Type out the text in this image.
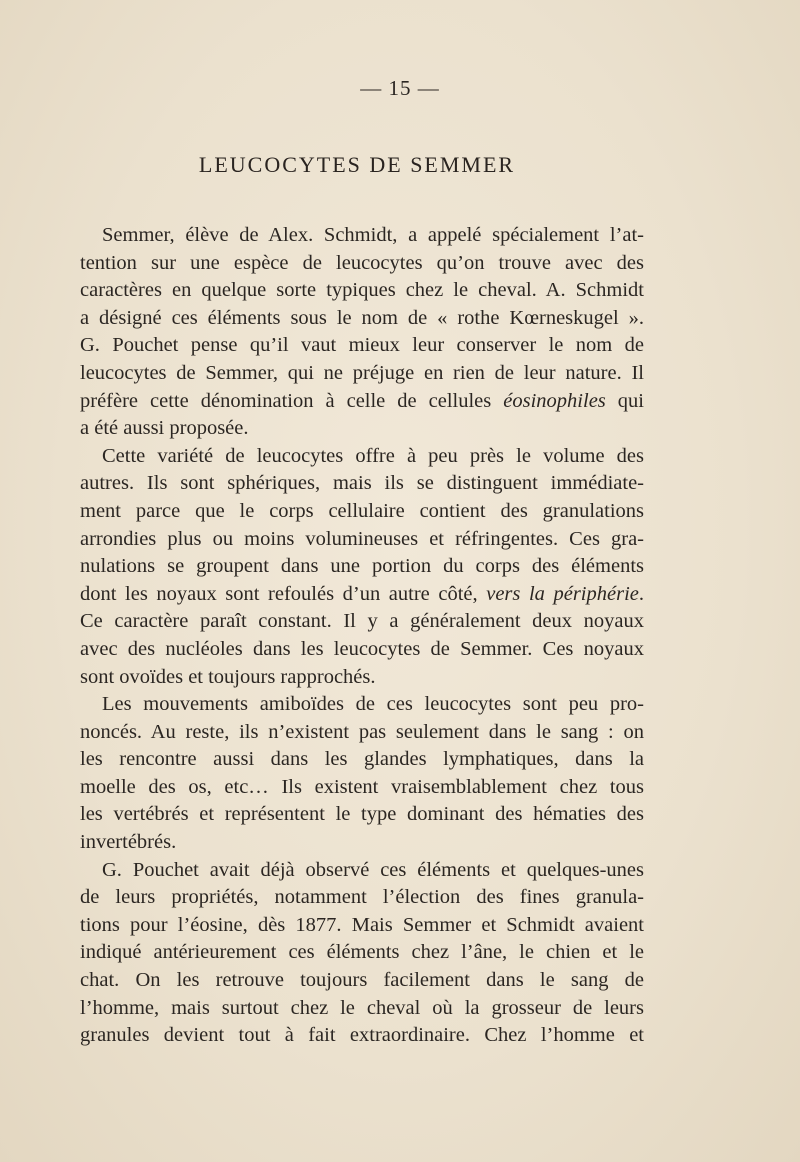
— 15 —
LEUCOCYTES DE SEMMER
Semmer, élève de Alex. Schmidt, a appelé spécialement l’at-
tention sur une espèce de leucocytes qu’on trouve avec des
caractères en quelque sorte typiques chez le cheval. A. Schmidt
a désigné ces éléments sous le nom de « rothe Kœrneskugel ».
G. Pouchet pense qu’il vaut mieux leur conserver le nom de
leucocytes de Semmer, qui ne préjuge en rien de leur nature. Il
préfère cette dénomination à celle de cellules éosinophiles qui
a été aussi proposée.
Cette variété de leucocytes offre à peu près le volume des
autres. Ils sont sphériques, mais ils se distinguent immédiate-
ment parce que le corps cellulaire contient des granulations
arrondies plus ou moins volumineuses et réfringentes. Ces gra-
nulations se groupent dans une portion du corps des éléments
dont les noyaux sont refoulés d’un autre côté, vers la périphérie.
Ce caractère paraît constant. Il y a généralement deux noyaux
avec des nucléoles dans les leucocytes de Semmer. Ces noyaux
sont ovoïdes et toujours rapprochés.
Les mouvements amiboïdes de ces leucocytes sont peu pro-
noncés. Au reste, ils n’existent pas seulement dans le sang : on
les rencontre aussi dans les glandes lymphatiques, dans la
moelle des os, etc… Ils existent vraisemblablement chez tous
les vertébrés et représentent le type dominant des hématies des
invertébrés.
G. Pouchet avait déjà observé ces éléments et quelques-unes
de leurs propriétés, notamment l’élection des fines granula-
tions pour l’éosine, dès 1877. Mais Semmer et Schmidt avaient
indiqué antérieurement ces éléments chez l’âne, le chien et le
chat. On les retrouve toujours facilement dans le sang de
l’homme, mais surtout chez le cheval où la grosseur de leurs
granules devient tout à fait extraordinaire. Chez l’homme et
